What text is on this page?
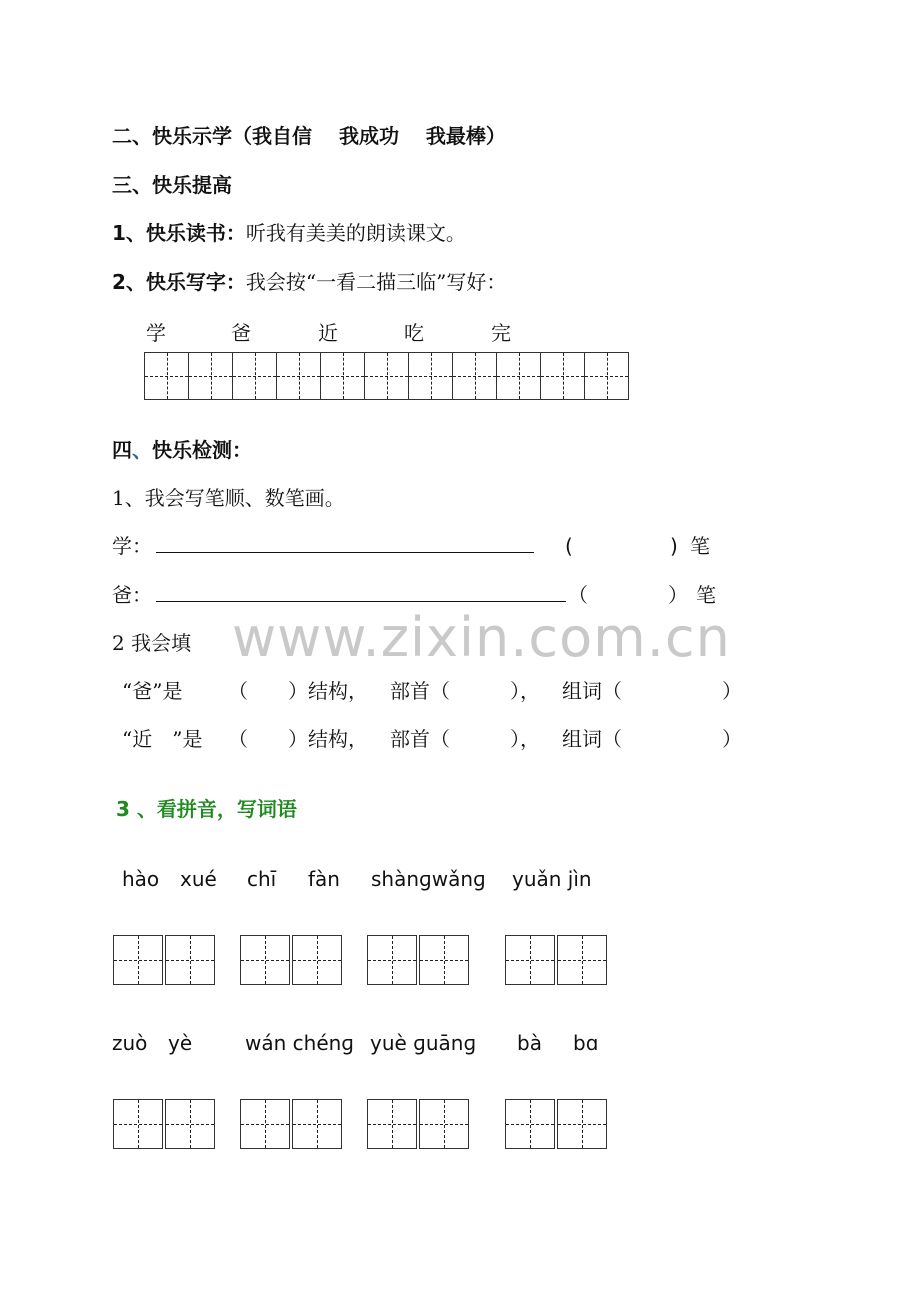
二、快乐示学（我自信　 我成功　 我最棒）
三、快乐提高
1、快乐读书：听我有美美的朗读课文。
2、快乐写字：我会按“一看二描三临”写好：
学	爸	近	吃	完
四、快乐检测：
1、我会写笔顺、数笔画。
学：	(	) 笔
爸：	（	） 笔
2 我会填 www.zixin.com.cn
“爸”是 （　　）结构， 部首（　　　）， 组词（　　　　　）
“近　”是 （　　）结构， 部首（　　　）， 组词（　　　　　）
3 、看拼音，写词语
hào xué chī fàn shànɡwǎnɡ yuǎn jìn
zuò yè	wán chénɡ yuè ɡuānɡ bà bɑ
